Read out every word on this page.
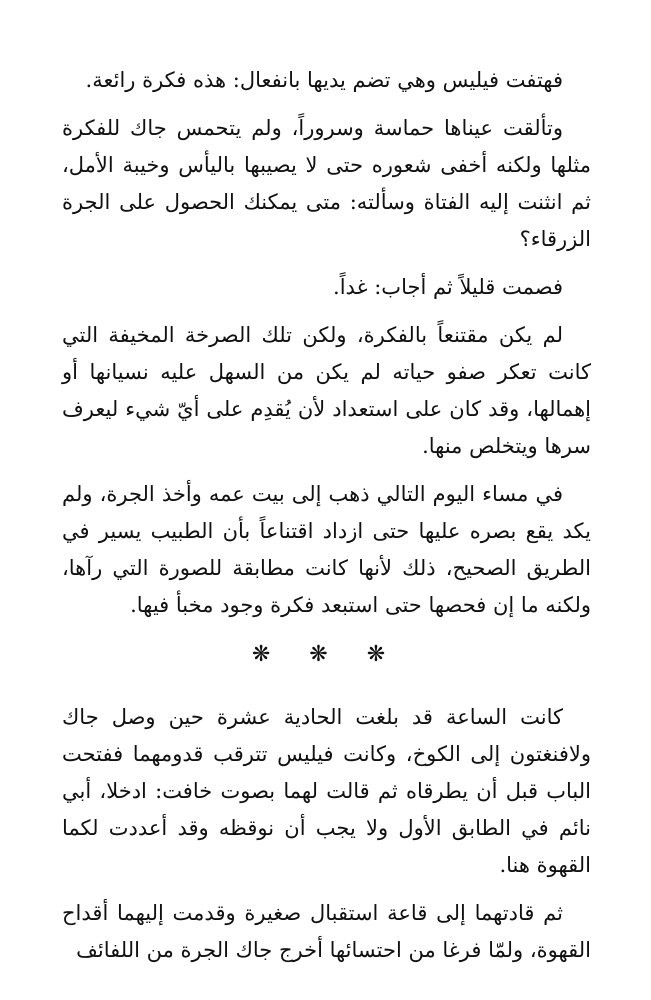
فهتفت فيليس وهي تضم يديها بانفعال: هذه فكرة رائعة.

وتألقت عيناها حماسة وسروراً، ولم يتحمس جاك للفكرة مثلها ولكنه أخفى شعوره حتى لا يصيبها باليأس وخيبة الأمل، ثم انثنت إليه الفتاة وسألته: متى يمكنك الحصول على الجرة الزرقاء؟

فصمت قليلاً ثم أجاب: غداً.

لم يكن مقتنعاً بالفكرة، ولكن تلك الصرخة المخيفة التي كانت تعكر صفو حياته لم يكن من السهل عليه نسيانها أو إهمالها، وقد كان على استعداد لأن يُقدِم على أيّ شيء ليعرف سرها ويتخلص منها.

في مساء اليوم التالي ذهب إلى بيت عمه وأخذ الجرة، ولم يكد يقع بصره عليها حتى ازداد اقتناعاً بأن الطبيب يسير في الطريق الصحيح، ذلك لأنها كانت مطابقة للصورة التي رآها، ولكنه ما إن فحصها حتى استبعد فكرة وجود مخبأ فيها.

❋ ❋ ❋

كانت الساعة قد بلغت الحادية عشرة حين وصل جاك ولافنغتون إلى الكوخ، وكانت فيليس تترقب قدومهما ففتحت الباب قبل أن يطرقاه ثم قالت لهما بصوت خافت: ادخلا، أبي نائم في الطابق الأول ولا يجب أن نوقظه وقد أعددت لكما القهوة هنا.

ثم قادتهما إلى قاعة استقبال صغيرة وقدمت إليهما أقداح القهوة، ولمّا فرغا من احتسائها أخرج جاك الجرة من اللفائف
